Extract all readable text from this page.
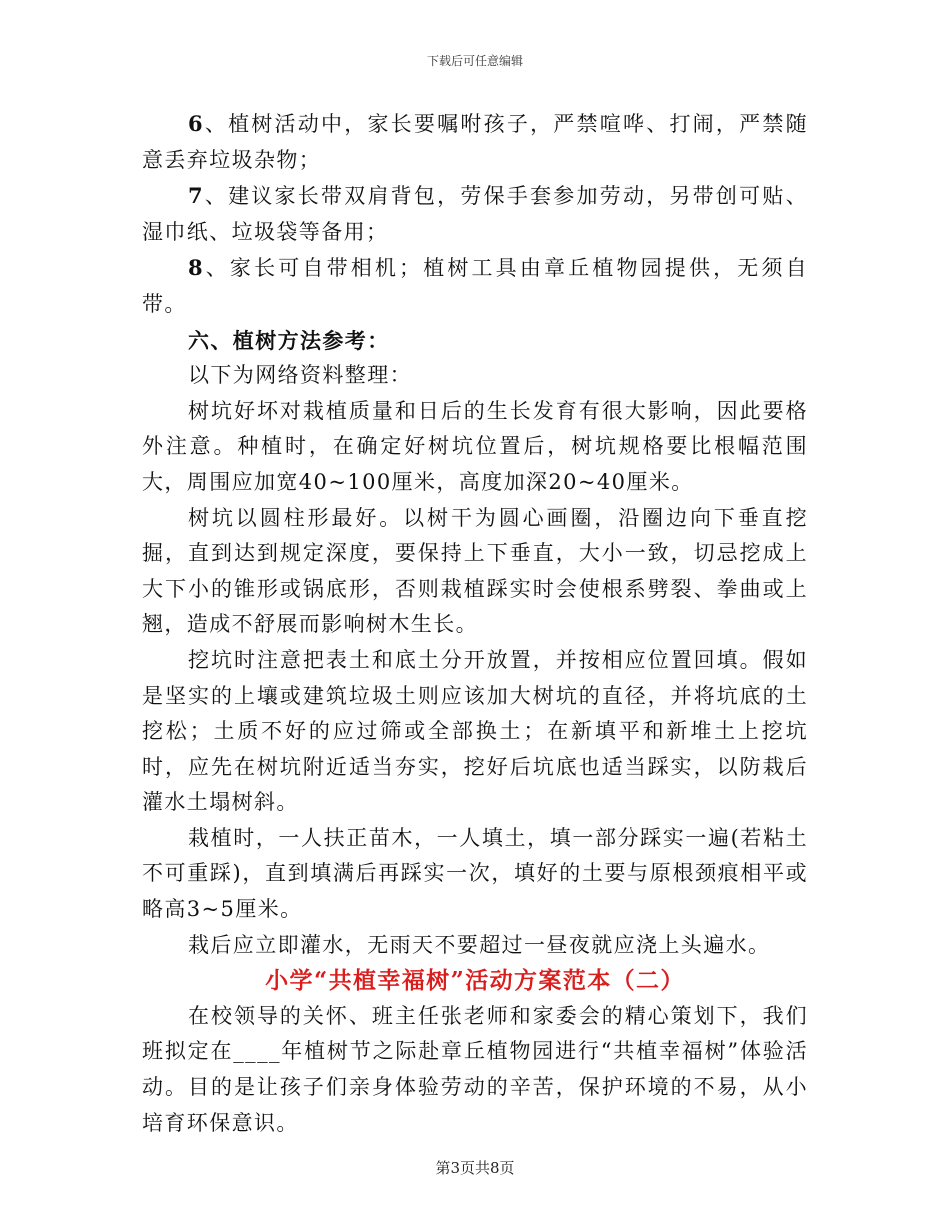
下载后可任意编辑

6、植树活动中，家长要嘱咐孩子，严禁喧哗、打闹，严禁随意丢弃垃圾杂物；

7、建议家长带双肩背包，劳保手套参加劳动，另带创可贴、湿巾纸、垃圾袋等备用；

8、家长可自带相机；植树工具由章丘植物园提供，无须自带。

六、植树方法参考：

以下为网络资料整理：

树坑好坏对栽植质量和日后的生长发育有很大影响，因此要格外注意。种植时，在确定好树坑位置后，树坑规格要比根幅范围大，周围应加宽40~100厘米，高度加深20~40厘米。

树坑以圆柱形最好。以树干为圆心画圈，沿圈边向下垂直挖掘，直到达到规定深度，要保持上下垂直，大小一致，切忌挖成上大下小的锥形或锅底形，否则栽植踩实时会使根系劈裂、拳曲或上翘，造成不舒展而影响树木生长。

挖坑时注意把表土和底土分开放置，并按相应位置回填。假如是坚实的上壤或建筑垃圾土则应该加大树坑的直径，并将坑底的土挖松；土质不好的应过筛或全部换土；在新填平和新堆土上挖坑时，应先在树坑附近适当夯实，挖好后坑底也适当踩实，以防栽后灌水土塌树斜。

栽植时，一人扶正苗木，一人填土，填一部分踩实一遍(若粘土不可重踩)，直到填满后再踩实一次，填好的土要与原根颈痕相平或略高3~5厘米。

栽后应立即灌水，无雨天不要超过一昼夜就应浇上头遍水。

小学“共植幸福树”活动方案范本（二）

在校领导的关怀、班主任张老师和家委会的精心策划下，我们班拟定在____年植树节之际赴章丘植物园进行“共植幸福树”体验活动。目的是让孩子们亲身体验劳动的辛苦，保护环境的不易，从小培育环保意识。

第3页共8页
